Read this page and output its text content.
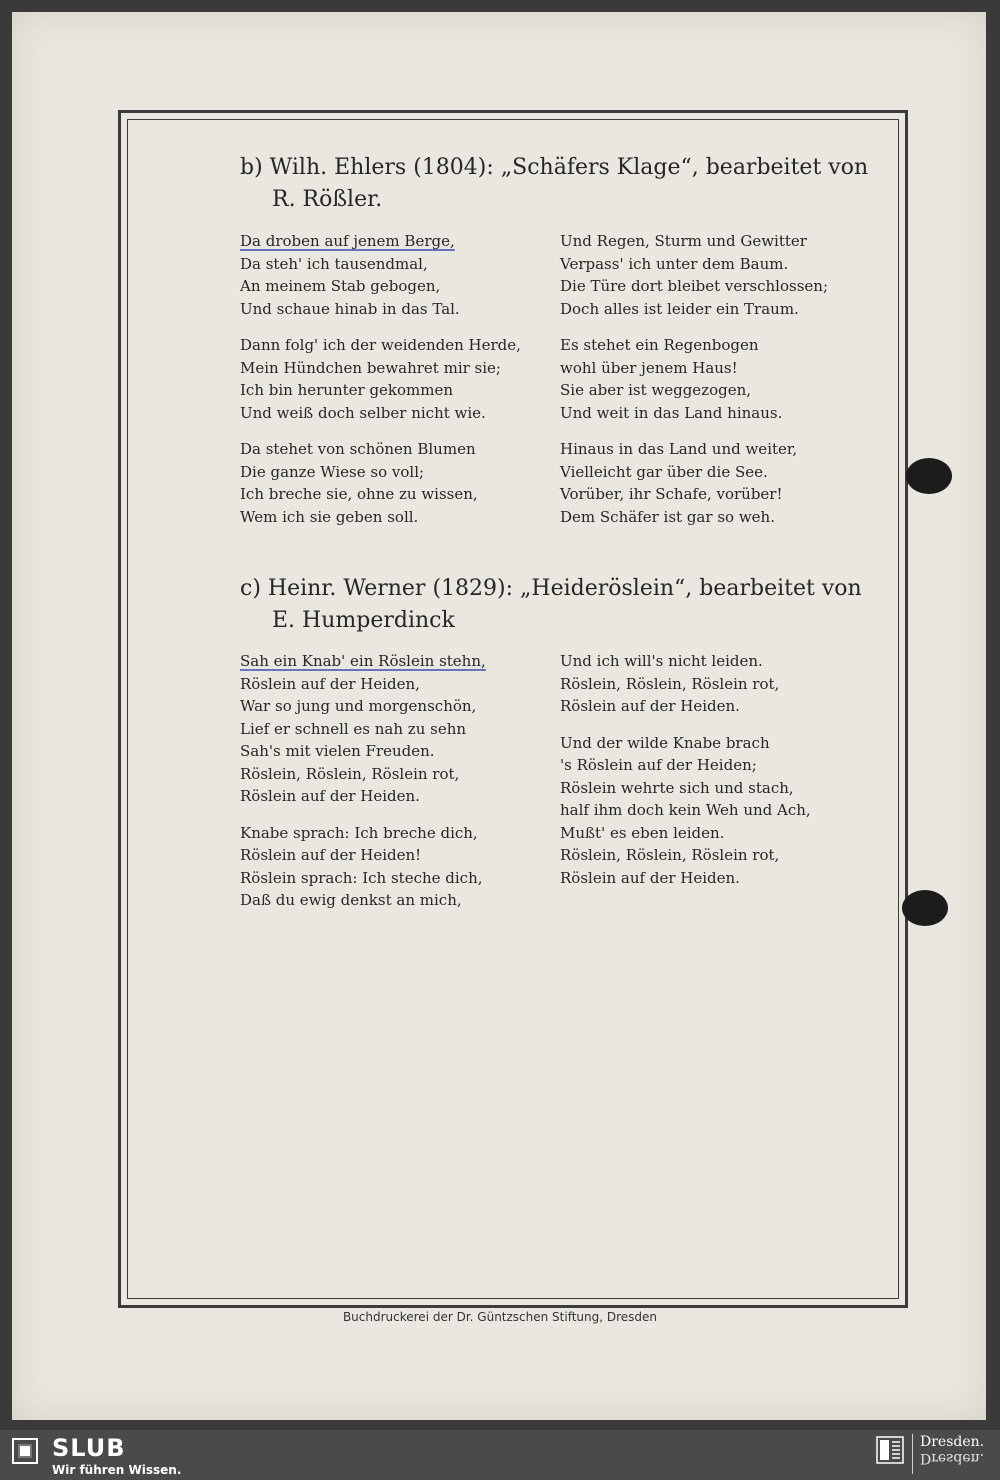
b) Wilh. Ehlers (1804): „Schäfers Klage“, bearbeitet von
R. Rößler.
Da droben auf jenem Berge,
Da steh' ich tausendmal,
An meinem Stab gebogen,
Und schaue hinab in das Tal.
Dann folg' ich der weidenden Herde,
Mein Hündchen bewahret mir sie;
Ich bin herunter gekommen
Und weiß doch selber nicht wie.
Da stehet von schönen Blumen
Die ganze Wiese so voll;
Ich breche sie, ohne zu wissen,
Wem ich sie geben soll.
Und Regen, Sturm und Gewitter
Verpass' ich unter dem Baum.
Die Türe dort bleibet verschlossen;
Doch alles ist leider ein Traum.
Es stehet ein Regenbogen
wohl über jenem Haus!
Sie aber ist weggezogen,
Und weit in das Land hinaus.
Hinaus in das Land und weiter,
Vielleicht gar über die See.
Vorüber, ihr Schafe, vorüber!
Dem Schäfer ist gar so weh.
c) Heinr. Werner (1829): „Heideröslein“, bearbeitet von
E. Humperdinck
Sah ein Knab' ein Röslein stehn,
Röslein auf der Heiden,
War so jung und morgenschön,
Lief er schnell es nah zu sehn
Sah's mit vielen Freuden.
Röslein, Röslein, Röslein rot,
Röslein auf der Heiden.
Knabe sprach: Ich breche dich,
Röslein auf der Heiden!
Röslein sprach: Ich steche dich,
Daß du ewig denkst an mich,
Und ich will's nicht leiden.
Röslein, Röslein, Röslein rot,
Röslein auf der Heiden.
Und der wilde Knabe brach
's Röslein auf der Heiden;
Röslein wehrte sich und stach,
half ihm doch kein Weh und Ach,
Mußt' es eben leiden.
Röslein, Röslein, Röslein rot,
Röslein auf der Heiden.
Buchdruckerei der Dr. Güntzschen Stiftung, Dresden
SLUB
Wir führen Wissen.
Dresden.
Dresden.
